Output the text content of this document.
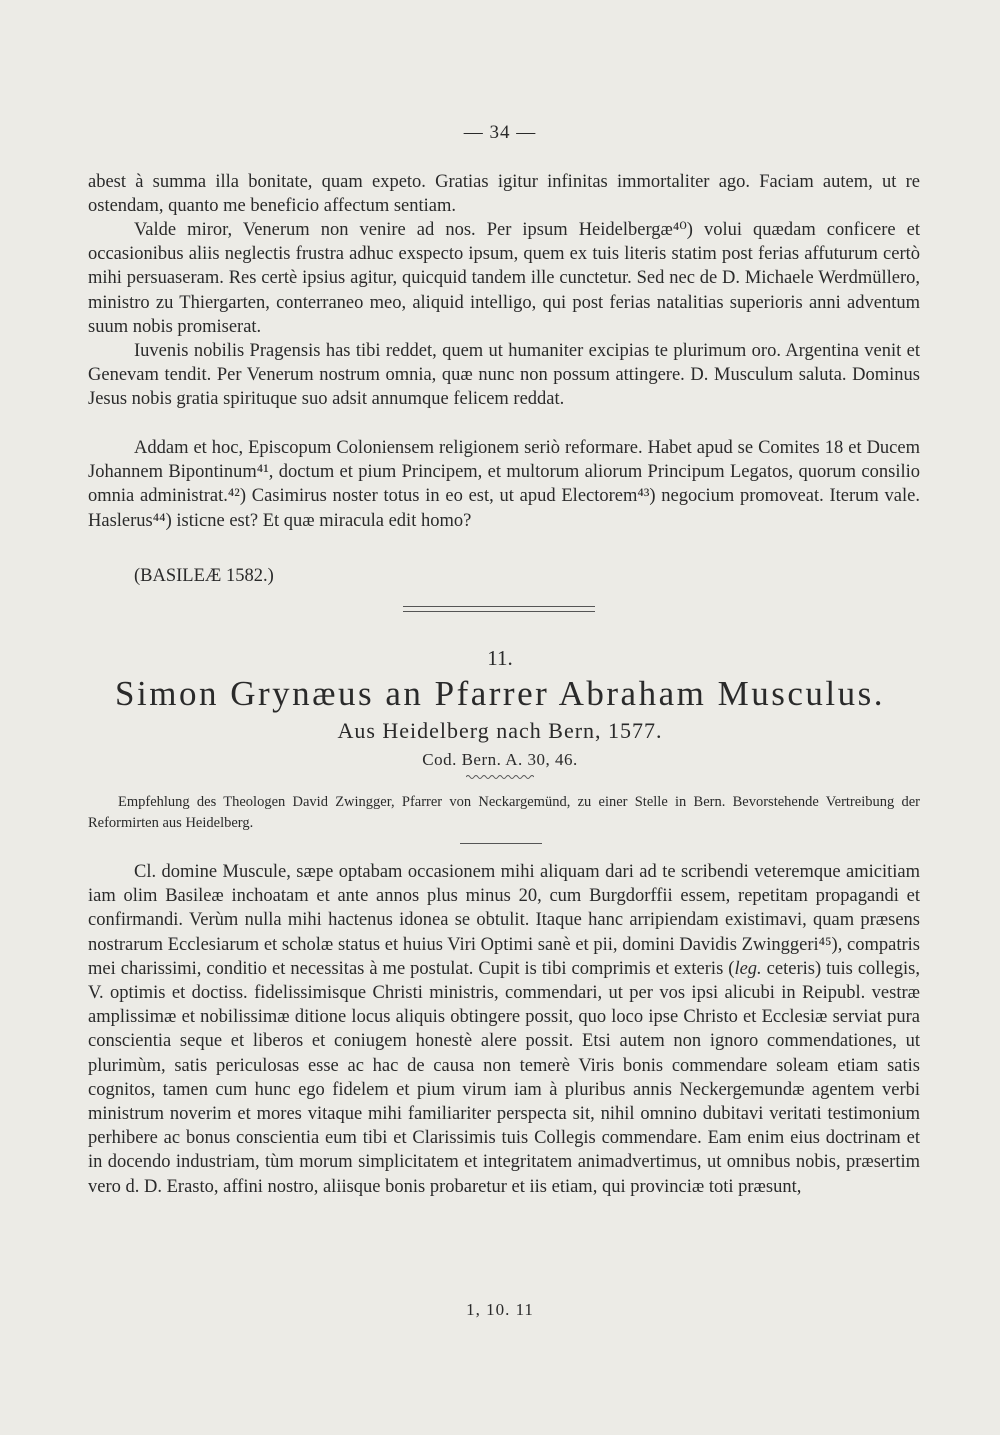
— 34 —

abest à summa illa bonitate, quam expeto. Gratias igitur infinitas immortaliter ago. Faciam autem, ut re ostendam, quanto me beneficio affectum sentiam.

Valde miror, Venerum non venire ad nos. Per ipsum Heidelbergæ⁴⁰) volui quædam conficere et occasionibus aliis neglectis frustra adhuc exspecto ipsum, quem ex tuis literis statim post ferias affuturum certò mihi persuaseram. Res certè ipsius agitur, quicquid tandem ille cunctetur. Sed nec de D. Michaele Werdmüllero, ministro zu Thiergarten, conterraneo meo, aliquid intelligo, qui post ferias natalitias superioris anni adventum suum nobis promiserat.

Iuvenis nobilis Pragensis has tibi reddet, quem ut humaniter excipias te plurimum oro. Argentina venit et Genevam tendit. Per Venerum nostrum omnia, quæ nunc non possum attingere. D. Musculum saluta. Dominus Jesus nobis gratia spirituque suo adsit annumque felicem reddat.

Addam et hoc, Episcopum Coloniensem religionem seriò reformare. Habet apud se Comites 18 et Ducem Johannem Bipontinum⁴¹, doctum et pium Principem, et multorum aliorum Principum Legatos, quorum consilio omnia administrat.⁴²) Casimirus noster totus in eo est, ut apud Electorem⁴³) negocium promoveat. Iterum vale. Haslerus⁴⁴) isticne est? Et quæ miracula edit homo?

(BASILEÆ 1582.)

11.
Simon Grynæus an Pfarrer Abraham Musculus.
Aus Heidelberg nach Bern, 1577.
Cod. Bern. A. 30, 46.

Empfehlung des Theologen David Zwingger, Pfarrer von Neckargemünd, zu einer Stelle in Bern. Bevorstehende Vertreibung der Reformirten aus Heidelberg.

Cl. domine Muscule, sæpe optabam occasionem mihi aliquam dari ad te scribendi veteremque amicitiam iam olim Basileæ inchoatam et ante annos plus minus 20, cum Burgdorffii essem, repetitam propagandi et confirmandi. Verùm nulla mihi hactenus idonea se obtulit. Itaque hanc arripiendam existimavi, quam præsens nostrarum Ecclesiarum et scholæ status et huius Viri Optimi sanè et pii, domini Davidis Zwinggeri⁴⁵), compatris mei charissimi, conditio et necessitas à me postulat. Cupit is tibi comprimis et exteris (leg. ceteris) tuis collegis, V. optimis et doctiss. fidelissimisque Christi ministris, commendari, ut per vos ipsi alicubi in Reipubl. vestræ amplissimæ et nobilissimæ ditione locus aliquis obtingere possit, quo loco ipse Christo et Ecclesiæ serviat pura conscientia seque et liberos et coniugem honestè alere possit. Etsi autem non ignoro commendationes, ut plurimùm, satis periculosas esse ac hac de causa non temerè Viris bonis commendare soleam etiam satis cognitos, tamen cum hunc ego fidelem et pium virum iam à pluribus annis Neckergemundæ agentem verbi ministrum noverim et mores vitaque mihi familiariter perspecta sit, nihil omnino dubitavi veritati testimonium perhibere ac bonus conscientia eum tibi et Clarissimis tuis Collegis commendare. Eam enim eius doctrinam et in docendo industriam, tùm morum simplicitatem et integritatem animadvertimus, ut omnibus nobis, præsertim vero d. D. Erasto, affini nostro, aliisque bonis probaretur et iis etiam, qui provinciæ toti præsunt,

1, 10. 11
